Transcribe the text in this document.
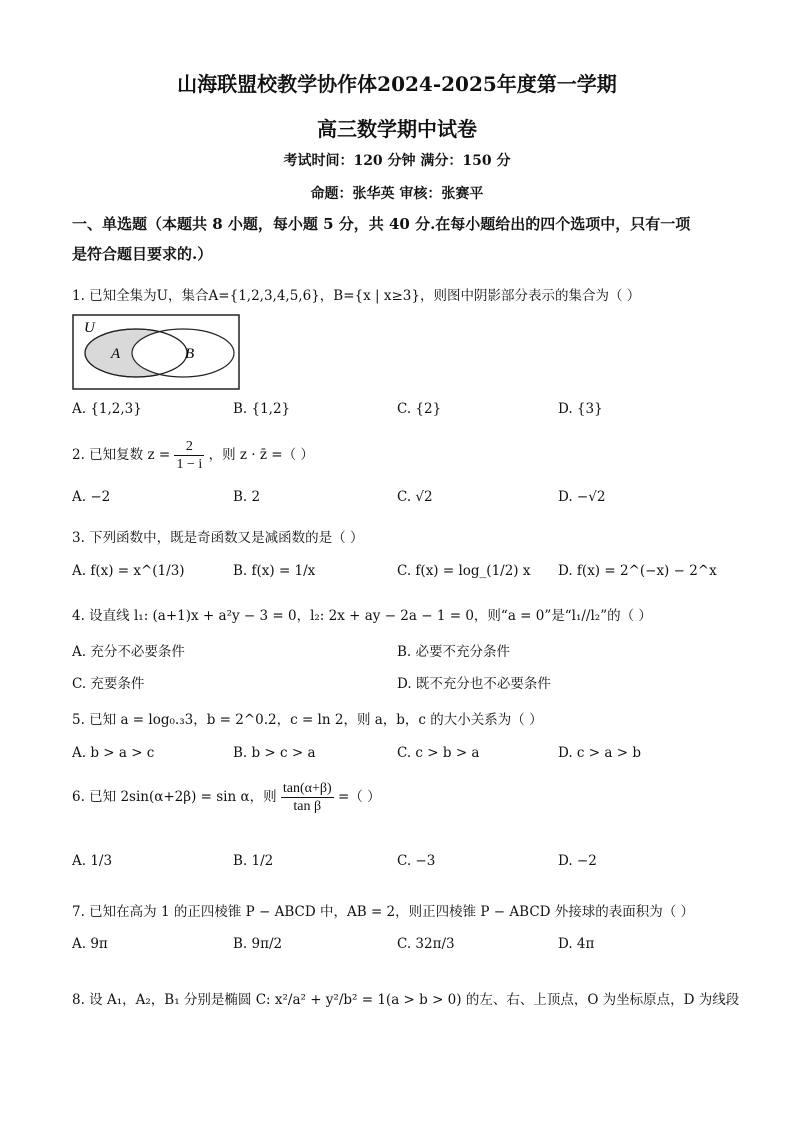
山海联盟校教学协作体2024-2025年度第一学期
高三数学期中试卷
考试时间：120 分钟 满分：150 分
命题：张华英 审核：张赛平
一、单选题（本题共 8 小题，每小题 5 分，共 40 分.在每小题给出的四个选项中，只有一项
是符合题目要求的.）
1. 已知全集为U，集合A={1,2,3,4,5,6}，B={x | x≥3}，则图中阴影部分表示的集合为（ ）
U
A	B
A. {1,2,3}	B. {1,2}	C. {2}	D. {3}
2. 已知复数 $z = \frac{2}{1 - i}$ ，则 z · z̄ =（ ）
A. −2	B. 2	C. √2	D. −√2
3. 下列函数中，既是奇函数又是减函数的是（ ）
A. f(x) = x^(1/3)	B. f(x) = 1/x	C. f(x) = log_(1/2) x D. f(x) = 2^(−x) − 2^x
4. 设直线 l₁: (a+1)x + a²y − 3 = 0，l₂: 2x + ay − 2a − 1 = 0，则“a = 0”是“l₁//l₂”的（ ）
A. 充分不必要条件	B. 必要不充分条件
C. 充要条件	D. 既不充分也不必要条件
5. 已知 a = log₀.₃3，b = 2^0.2，c = ln 2，则 a，b，c 的大小关系为（ ）
A. b > a > c	B. b > c > a	C. c > b > a	D. c > a > b
6. 已知 2sin(α+2β) = sin α，则 $\frac{\tan(\alpha+\beta)}{\text{tan β}}$ =（ ）
A. 1/3	B. 1/2	C. −3	D. −2
7. 已知在高为 1 的正四棱锥 P − ABCD 中，AB = 2，则正四棱锥 P − ABCD 外接球的表面积为（ ）
A. 9π	B. 9π/2	C. 32π/3	D. 4π
8. 设 A₁，A₂，B₁ 分别是椭圆 C: x²/a² + y²/b² = 1(a > b > 0) 的左、右、上顶点，O 为坐标原点，D 为线段
